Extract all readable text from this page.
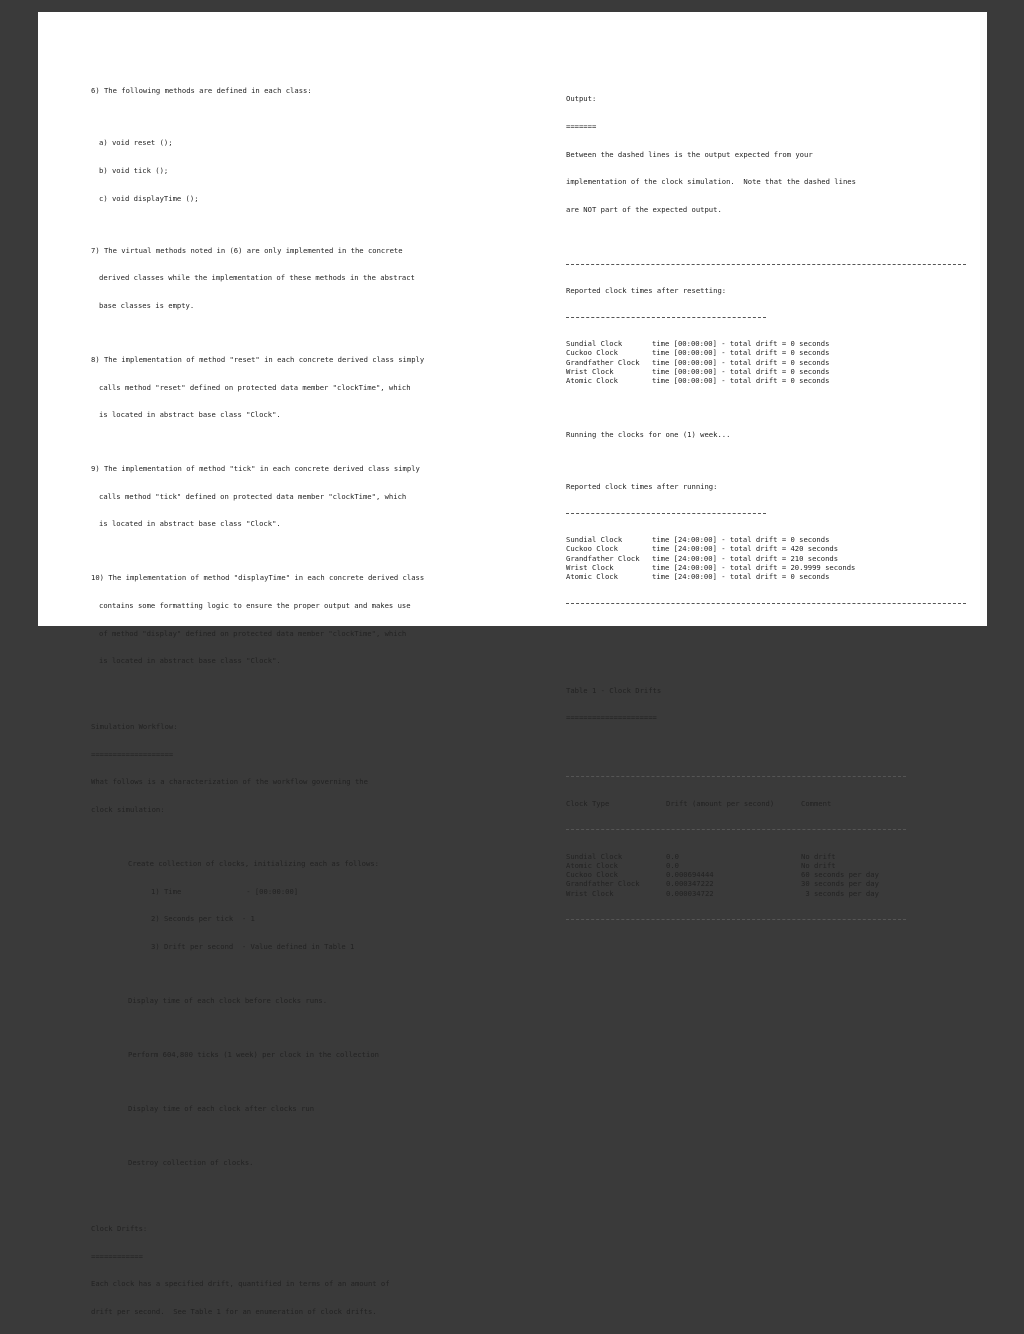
6) The following methods are defined in each class:

a) void reset ();

b) void tick ();

c) void displayTime ();

7) The virtual methods noted in (6) are only implemented in the concrete

derived classes while the implementation of these methods in the abstract

base classes is empty.

8) The implementation of method "reset" in each concrete derived class simply

calls method "reset" defined on protected data member "clockTime", which

is located in abstract base class "Clock".

9) The implementation of method "tick" in each concrete derived class simply

calls method "tick" defined on protected data member "clockTime", which

is located in abstract base class "Clock".

10) The implementation of method "displayTime" in each concrete derived class

contains some formatting logic to ensure the proper output and makes use

of method "display" defined on protected data member "clockTime", which

is located in abstract base class "Clock".

Simulation Workflow:

===================

What follows is a characterization of the workflow governing the

clock simulation:

Create collection of clocks, initializing each as follows:

1) Time               - [00:00:00]

2) Seconds per tick  - 1

3) Drift per second  - Value defined in Table 1

Display time of each clock before clocks runs.

Perform 604,800 ticks (1 week) per clock in the collection

Display time of each clock after clocks run

Destroy collection of clocks.

Clock Drifts:

============

Each clock has a specified drift, quantified in terms of an amount of

drift per second.  See Table 1 for an enumeration of clock drifts.

Output:

=======

Between the dashed lines is the output expected from your

implementation of the clock simulation.  Note that the dashed lines

are NOT part of the expected output.

Reported clock times after resetting:

Sundial Clock	time [00:00:00] - total drift = 0 seconds
Cuckoo Clock	time [00:00:00] - total drift = 0 seconds
Grandfather Clock	time [00:00:00] - total drift = 0 seconds
Wrist Clock	time [00:00:00] - total drift = 0 seconds
Atomic Clock	time [00:00:00] - total drift = 0 seconds

Running the clocks for one (1) week...

Reported clock times after running:

Sundial Clock	time [24:00:00] - total drift = 0 seconds
Cuckoo Clock	time [24:00:00] - total drift = 420 seconds
Grandfather Clock	time [24:00:00] - total drift = 210 seconds
Wrist Clock	time [24:00:00] - total drift = 20.9999 seconds
Atomic Clock	time [24:00:00] - total drift = 0 seconds

Table 1 - Clock Drifts

=====================

Clock Type	Drift (amount per second)	Comment

Sundial Clock	0.0	No drift
Atomic Clock	0.0	No drift
Cuckoo Clock	0.000694444	60 seconds per day
Grandfather Clock	0.000347222	30 seconds per day
Wrist Clock	0.000034722	3 seconds per day
